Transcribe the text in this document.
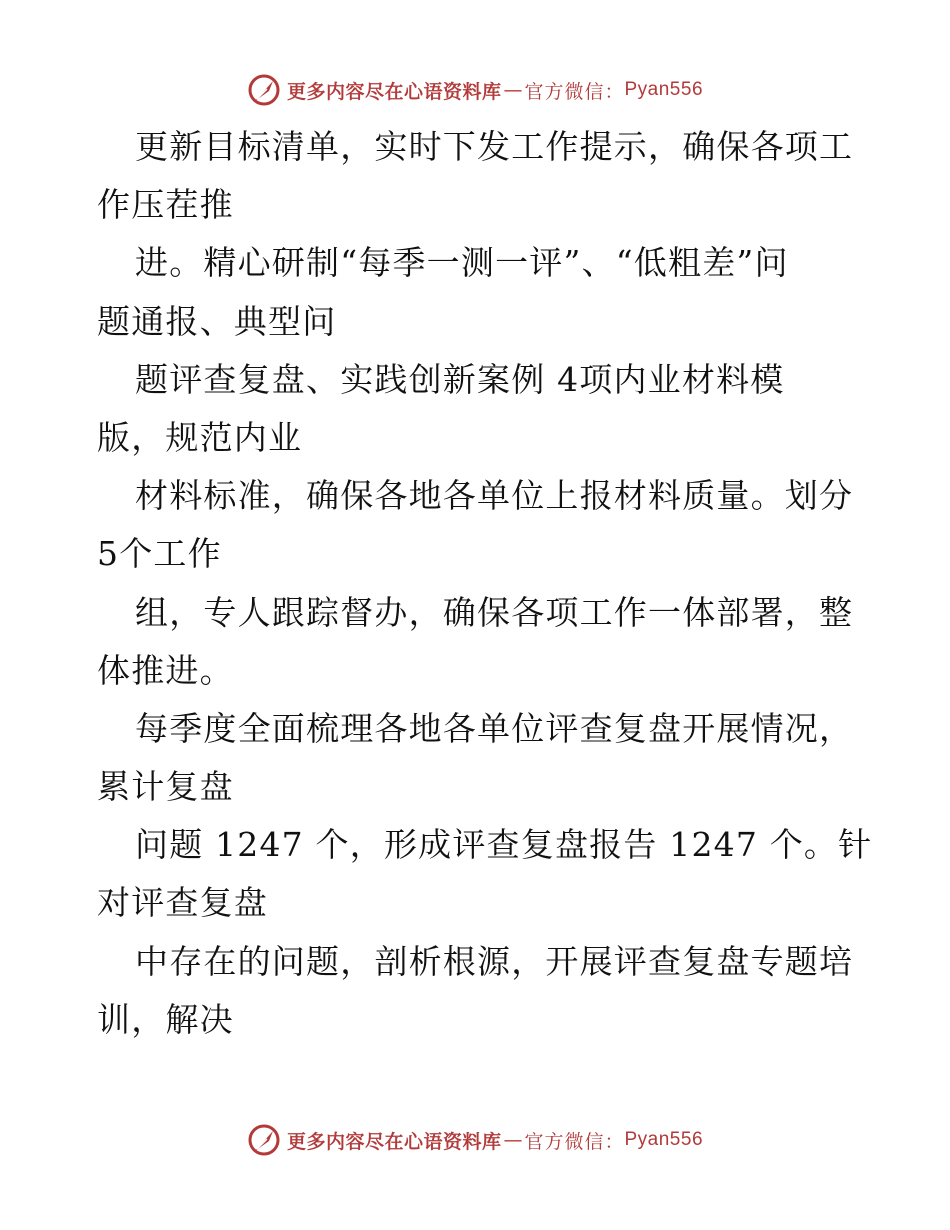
更多内容尽在心语资料库 — 官方微信： Pyan556
更新目标清单，实时下发工作提示，确保各项工
作压茬推
进。精心研制“每季一测一评”、“低粗差”问
题通报、典型问
题评查复盘、实践创新案例 4项内业材料模
版，规范内业
材料标准，确保各地各单位上报材料质量。划分
5个工作
组，专人跟踪督办，确保各项工作一体部署，整
体推进。
每季度全面梳理各地各单位评查复盘开展情况，
累计复盘
问题 1247 个，形成评查复盘报告 1247 个。针
对评查复盘
中存在的问题，剖析根源，开展评查复盘专题培
训，解决
更多内容尽在心语资料库 — 官方微信： Pyan556
